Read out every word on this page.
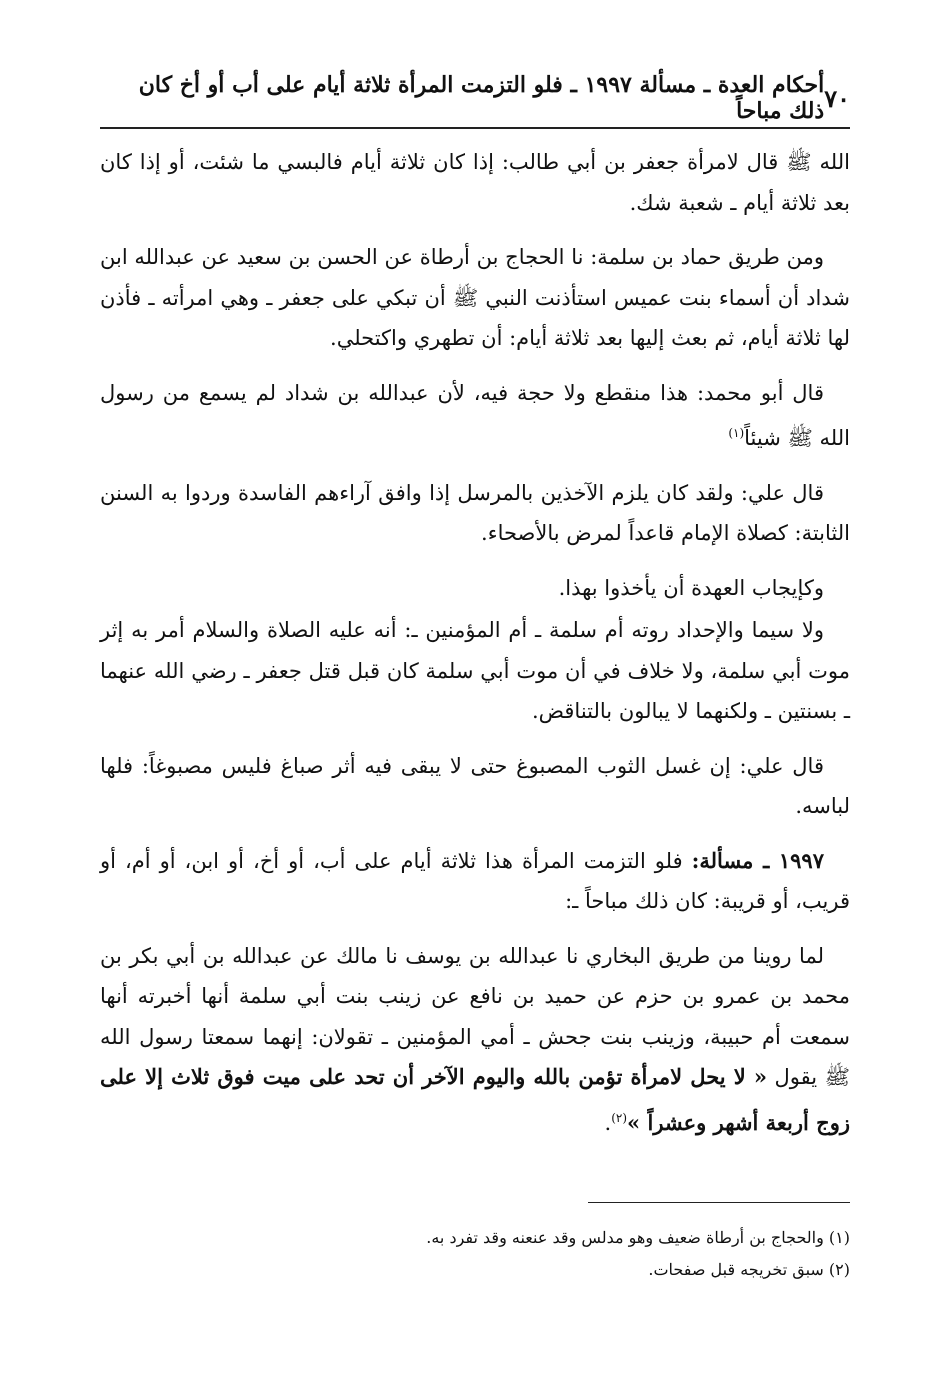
٧٠
أحكام العدة ـ مسألة ١٩٩٧ ـ فلو التزمت المرأة ثلاثة أيام على أب أو أخ كان ذلك مباحاً

الله ﷺ قال لامرأة جعفر بن أبي طالب: إذا كان ثلاثة أيام فالبسي ما شئت، أو إذا كان بعد ثلاثة أيام ـ شعبة شك.

ومن طريق حماد بن سلمة: نا الحجاج بن أرطاة عن الحسن بن سعيد عن عبدالله ابن شداد أن أسماء بنت عميس استأذنت النبي ﷺ أن تبكي على جعفر ـ وهي امرأته ـ فأذن لها ثلاثة أيام، ثم بعث إليها بعد ثلاثة أيام: أن تطهري واكتحلي.

قال أبو محمد: هذا منقطع ولا حجة فيه، لأن عبدالله بن شداد لم يسمع من رسول الله ﷺ شيئاً$^{(١)}$

قال علي: ولقد كان يلزم الآخذين بالمرسل إذا وافق آراءهم الفاسدة وردوا به السنن الثابتة: كصلاة الإمام قاعداً لمرض بالأصحاء.

وكإيجاب العهدة أن يأخذوا بهذا.

ولا سيما والإحداد روته أم سلمة ـ أم المؤمنين ـ: أنه عليه الصلاة والسلام أمر به إثر موت أبي سلمة، ولا خلاف في أن موت أبي سلمة كان قبل قتل جعفر ـ رضي الله عنهما ـ بسنتين ـ ولكنهما لا يبالون بالتناقض.

قال علي: إن غسل الثوب المصبوغ حتى لا يبقى فيه أثر صباغ فليس مصبوغاً: فلها لباسه.

١٩٩٧ ـ مسألة: فلو التزمت المرأة هذا ثلاثة أيام على أب، أو أخ، أو ابن، أو أم، أو قريب، أو قريبة: كان ذلك مباحاً ـ:

لما روينا من طريق البخاري نا عبدالله بن يوسف نا مالك عن عبدالله بن أبي بكر بن محمد بن عمرو بن حزم عن حميد بن نافع عن زينب بنت أبي سلمة أنها أخبرته أنها سمعت أم حبيبة، وزينب بنت جحش ـ أمي المؤمنين ـ تقولان: إنهما سمعتا رسول الله ﷺ يقول « لا يحل لامرأة تؤمن بالله واليوم الآخر أن تحد على ميت فوق ثلاث إلا على زوج أربعة أشهر وعشراً »$^{(٢)}$.

(١) والحجاج بن أرطاة ضعيف وهو مدلس وقد عنعنه وقد تفرد به.

(٢) سبق تخريجه قبل صفحات.
